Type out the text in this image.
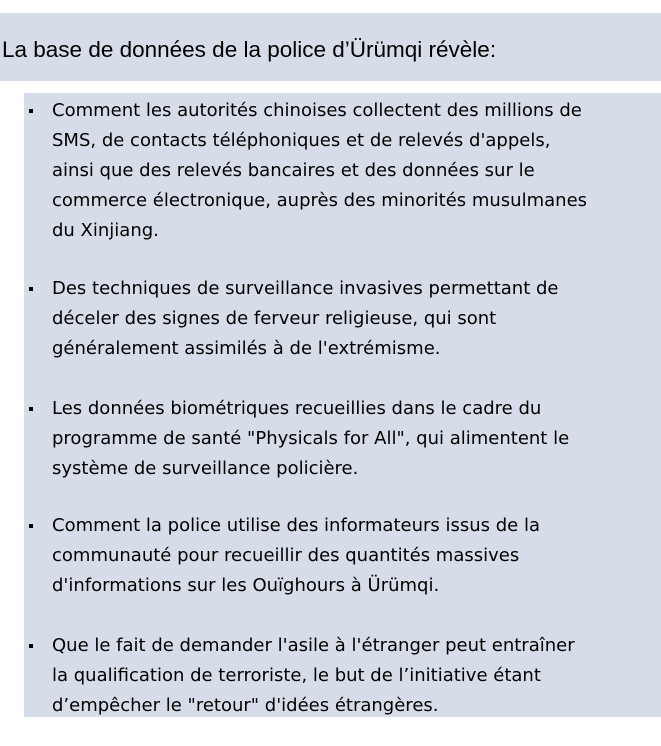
La base de données de la police d’Ürümqi révèle:
Comment les autorités chinoises collectent des millions de
SMS, de contacts téléphoniques et de relevés d'appels,
ainsi que des relevés bancaires et des données sur le
commerce électronique, auprès des minorités musulmanes
du Xinjiang.
Des techniques de surveillance invasives permettant de
déceler des signes de ferveur religieuse, qui sont
généralement assimilés à de l'extrémisme.
Les données biométriques recueillies dans le cadre du
programme de santé "Physicals for All", qui alimentent le
système de surveillance policière.
Comment la police utilise des informateurs issus de la
communauté pour recueillir des quantités massives
d'informations sur les Ouïghours à Ürümqi.
Que le fait de demander l'asile à l'étranger peut entraîner
la qualification de terroriste, le but de l’initiative étant
d’empêcher le "retour" d'idées étrangères.
